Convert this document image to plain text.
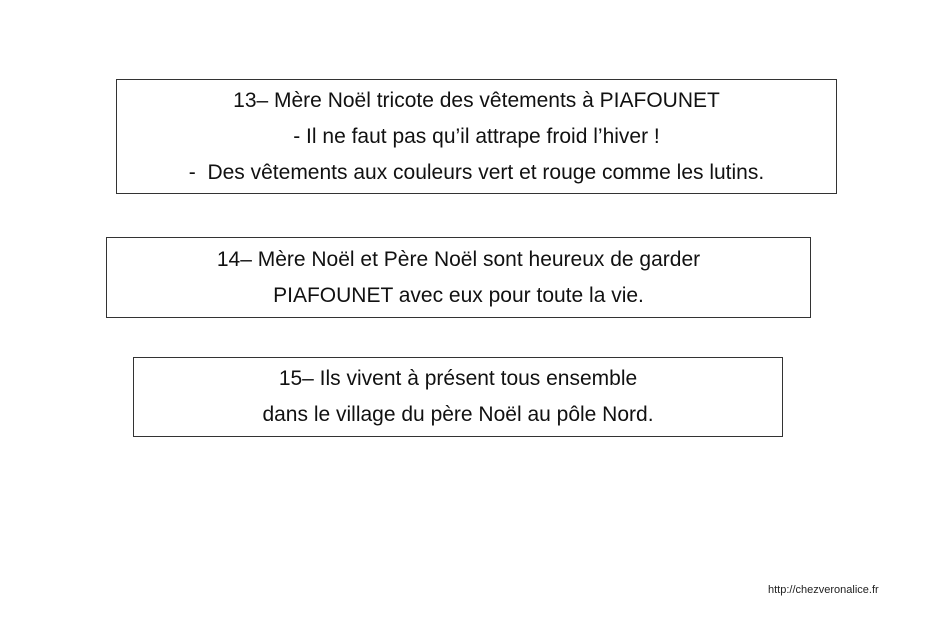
13– Mère Noël tricote des vêtements à PIAFOUNET
- Il ne faut pas qu’il attrape froid l’hiver !
-  Des vêtements aux couleurs vert et rouge comme les lutins.
14– Mère Noël et Père Noël sont heureux de garder
PIAFOUNET avec eux pour toute la vie.
15– Ils vivent à présent tous ensemble
dans le village du père Noël au pôle Nord.
http://chezveronalice.fr
